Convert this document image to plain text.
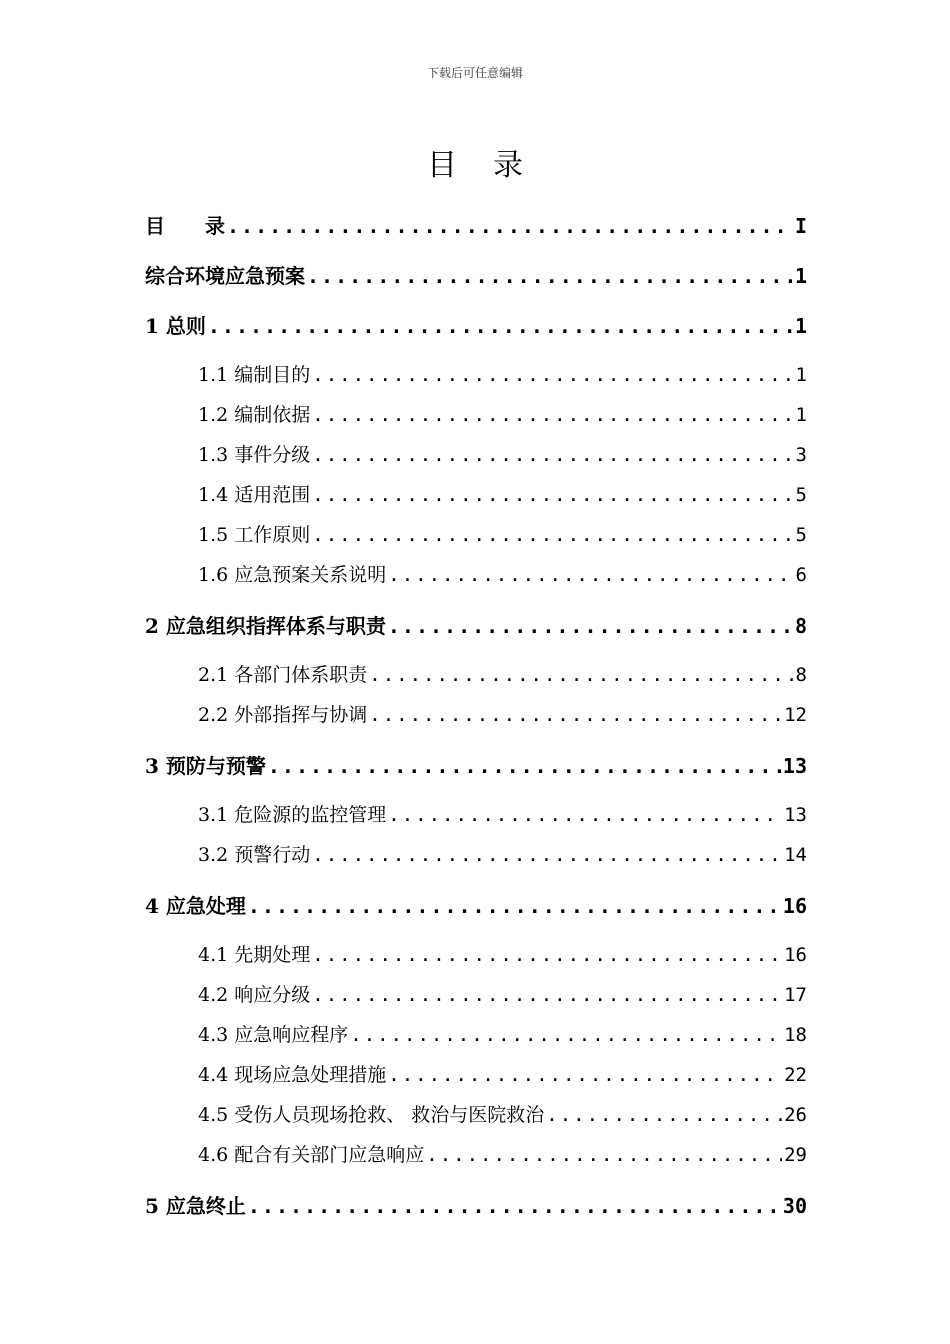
下载后可任意编辑
目录
目　　录 .....	I
综合环境应急预案 .....	1
1 总则 .....	1
1.1 编制目的 .....	1
1.2 编制依据 .....	1
1.3 事件分级 .....	3
1.4 适用范围 .....	5
1.5 工作原则 .....	5
1.6 应急预案关系说明 .....	6
2 应急组织指挥体系与职责 .....	8
2.1 各部门体系职责 .....	8
2.2 外部指挥与协调 .....	12
3 预防与预警 .....	13
3.1 危险源的监控管理 .....	13
3.2 预警行动 .....	14
4 应急处理 .....	16
4.1 先期处理 .....	16
4.2 响应分级 .....	17
4.3 应急响应程序 .....	18
4.4 现场应急处理措施 .....	22
4.5 受伤人员现场抢救、 救治与医院救治 .....	26
4.6 配合有关部门应急响应 .....	29
5 应急终止 .....	30
